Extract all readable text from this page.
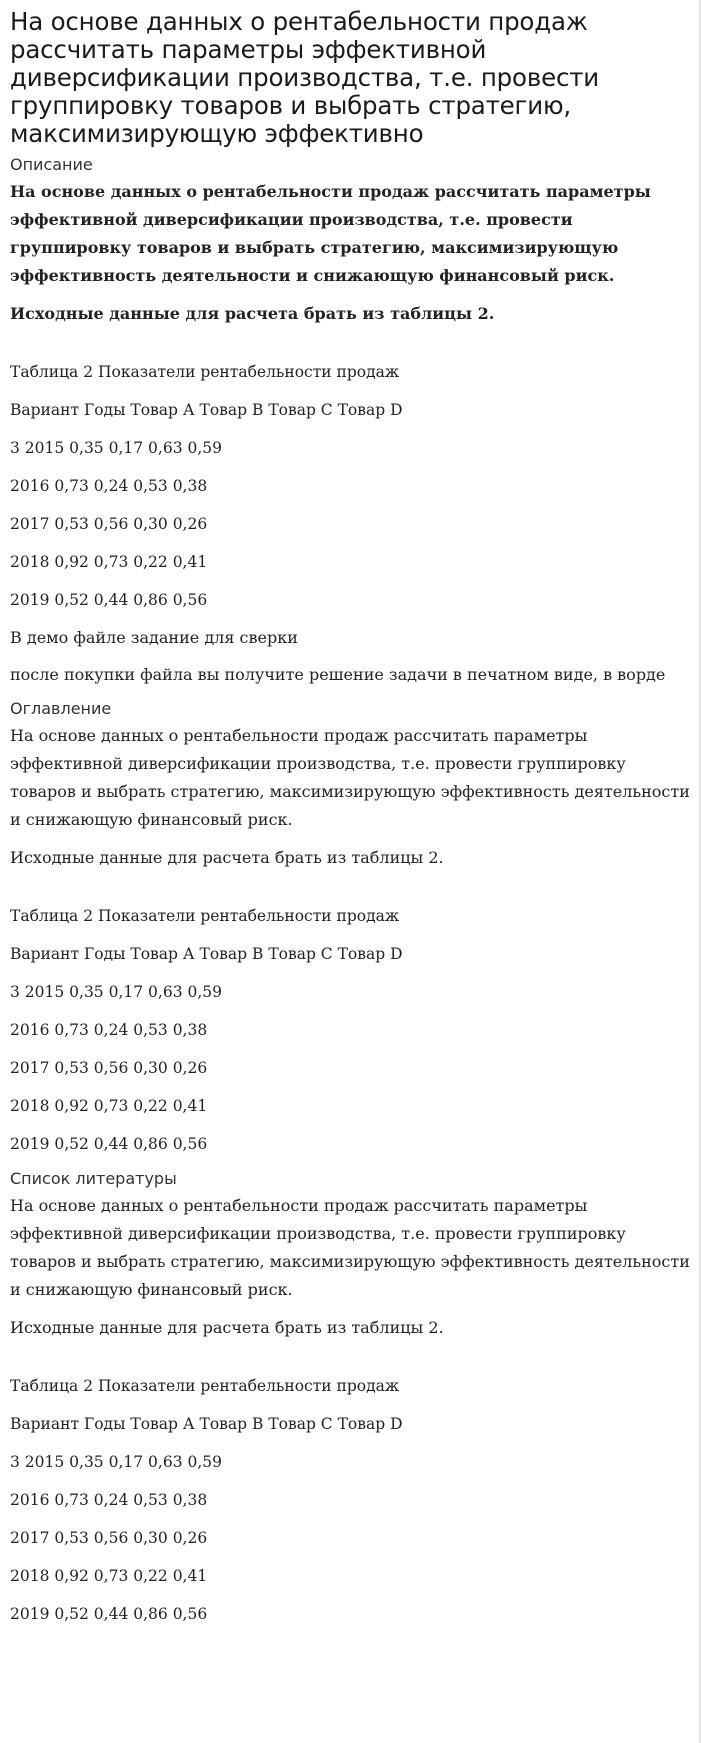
На основе данных о рентабельности продаж рассчитать параметры эффективной диверсификации производства, т.е. провести группировку товаров и выбрать стратегию, максимизирующую эффективно
Описание

На основе данных о рентабельности продаж рассчитать параметры эффективной диверсификации производства, т.е. провести группировку товаров и выбрать стратегию, максимизирующую эффективность деятельности и снижающую финансовый риск.

Исходные данные для расчета брать из таблицы 2.

Таблица 2 Показатели рентабельности продаж

Вариант Годы Товар А Товар В Товар С Товар D

3 2015 0,35 0,17 0,63 0,59

2016 0,73 0,24 0,53 0,38

2017 0,53 0,56 0,30 0,26

2018 0,92 0,73 0,22 0,41

2019 0,52 0,44 0,86 0,56

В демо файле задание для сверки

после покупки файла вы получите решение задачи в печатном виде, в ворде

Оглавление

На основе данных о рентабельности продаж рассчитать параметры эффективной диверсификации производства, т.е. провести группировку товаров и выбрать стратегию, максимизирующую эффективность деятельности и снижающую финансовый риск.

Исходные данные для расчета брать из таблицы 2.

Таблица 2 Показатели рентабельности продаж

Вариант Годы Товар А Товар В Товар С Товар D

3 2015 0,35 0,17 0,63 0,59

2016 0,73 0,24 0,53 0,38

2017 0,53 0,56 0,30 0,26

2018 0,92 0,73 0,22 0,41

2019 0,52 0,44 0,86 0,56

Список литературы

На основе данных о рентабельности продаж рассчитать параметры эффективной диверсификации производства, т.е. провести группировку товаров и выбрать стратегию, максимизирующую эффективность деятельности и снижающую финансовый риск.

Исходные данные для расчета брать из таблицы 2.

Таблица 2 Показатели рентабельности продаж

Вариант Годы Товар А Товар В Товар С Товар D

3 2015 0,35 0,17 0,63 0,59

2016 0,73 0,24 0,53 0,38

2017 0,53 0,56 0,30 0,26

2018 0,92 0,73 0,22 0,41

2019 0,52 0,44 0,86 0,56
